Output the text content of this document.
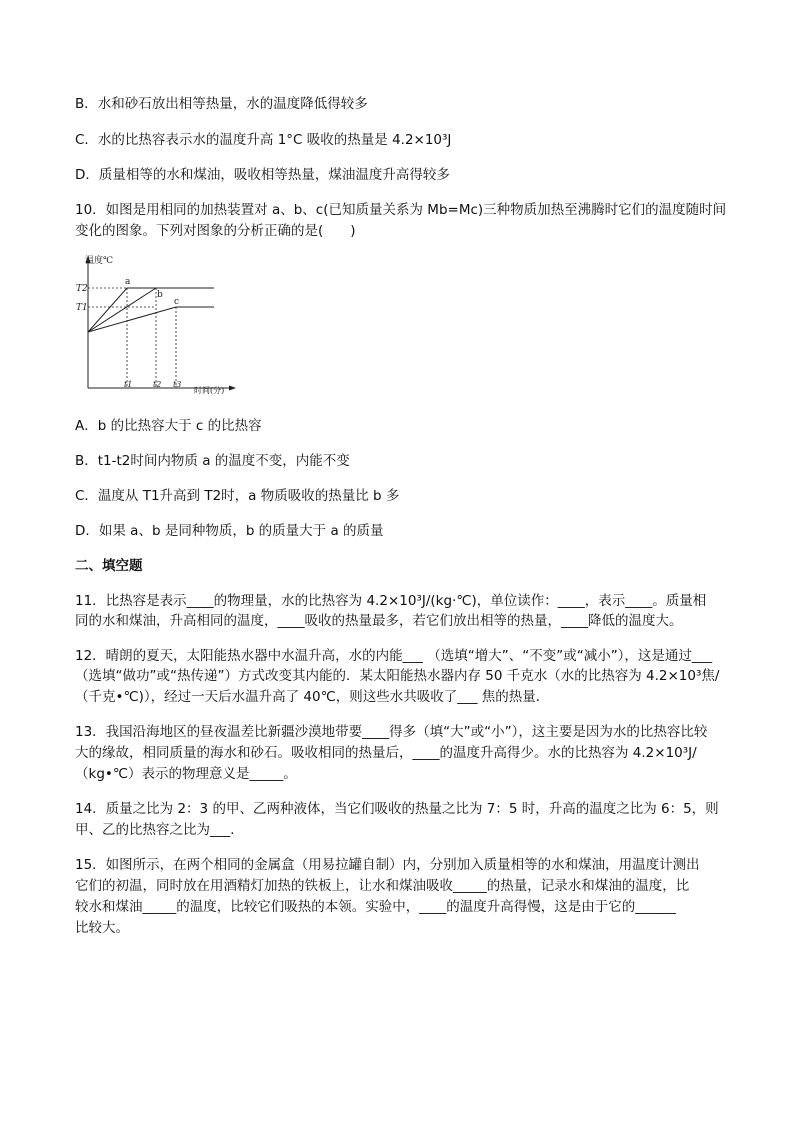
B．水和砂石放出相等热量，水的温度降低得较多
C．水的比热容表示水的温度升高 1°C 吸收的热量是 4.2×10³J
D．质量相等的水和煤油，吸收相等热量，煤油温度升高得较多
10．如图是用相同的加热装置对 a、b、c(已知质量关系为 Mb=Mc)三种物质加热至沸腾时它们的温度随时间
变化的图象。下列对图象的分析正确的是(　　)
温度℃
时间(分)
T2
T1
t1	t2 t3
a
b
c
A．b 的比热容大于 c 的比热容
B．t1-t2时间内物质 a 的温度不变，内能不变
C．温度从 T1升高到 T2时，a 物质吸收的热量比 b 多
D．如果 a、b 是同种物质，b 的质量大于 a 的质量
二、填空题
11．比热容是表示____的物理量，水的比热容为 4.2×10³J/(kg·℃)，单位读作：____，表示____。质量相
同的水和煤油，升高相同的温度，____吸收的热量最多，若它们放出相等的热量，____降低的温度大。
12．晴朗的夏天，太阳能热水器中水温升高，水的内能___ （选填“增大”、“不变”或“减小”），这是通过___
（选填“做功”或“热传递”）方式改变其内能的．某太阳能热水器内存 50 千克水（水的比热容为 4.2×10³焦/
（千克•℃)），经过一天后水温升高了 40℃，则这些水共吸收了___ 焦的热量．
13．我国沿海地区的昼夜温差比新疆沙漠地带要____得多（填“大”或“小”），这主要是因为水的比热容比较
大的缘故，相同质量的海水和砂石。吸收相同的热量后，____的温度升高得少。水的比热容为 4.2×10³J/
（kg•℃）表示的物理意义是_____。
14．质量之比为 2：3 的甲、乙两种液体，当它们吸收的热量之比为 7：5 时，升高的温度之比为 6：5，则
甲、乙的比热容之比为___．
15．如图所示，在两个相同的金属盒（用易拉罐自制）内，分别加入质量相等的水和煤油，用温度计测出
它们的初温，同时放在用酒精灯加热的铁板上，让水和煤油吸收_____的热量，记录水和煤油的温度，比
较水和煤油_____的温度，比较它们吸热的本领。实验中，____的温度升高得慢，这是由于它的______
比较大。
